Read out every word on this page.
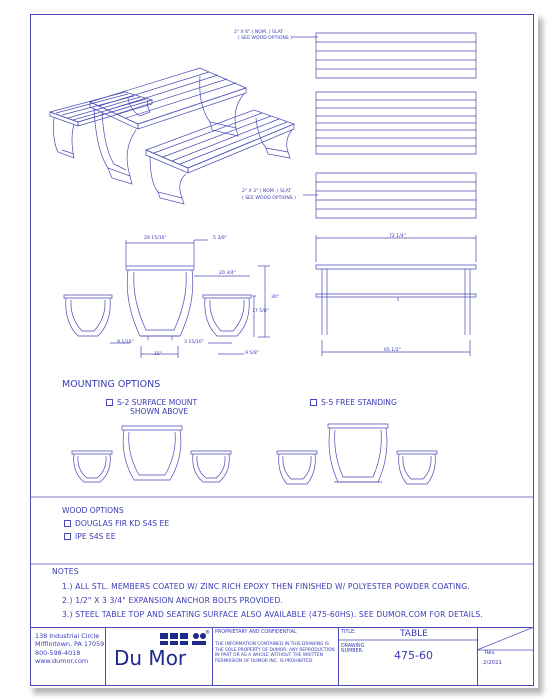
2" X 6" ( NOM. ) SLAT
( SEE WOOD OPTIONS )
2" X 3" ( NOM. ) SLAT
( SEE WOOD OPTIONS )
29 15/16"	5 3/8"
20 3/4"
30"
17 5/8"
9 1/16"
15"
3 15/16"
9 5/8"
72 1/4"
65 1/2"
MOUNTING OPTIONS
S-2 SURFACE MOUNT
SHOWN ABOVE
S-5 FREE STANDING
WOOD OPTIONS
DOUGLAS FIR KD S4S EE
IPE S4S EE
NOTES
1.) ALL STL. MEMBERS COATED W/ ZINC RICH EPOXY THEN FINISHED W/ POLYESTER POWDER COATING.
2.) 1/2" X 3 3/4" EXPANSION ANCHOR BOLTS PROVIDED.
3.) STEEL TABLE TOP AND SEATING SURFACE ALSO AVAILABLE (475-60HS). SEE DUMOR.COM FOR DETAILS.
138 Industrial Circle
Mifflintown, PA 17059
800-598-4018
www.dumor.com	Du Mor
® PROPRIETARY AND CONFIDENTIAL
THE INFORMATION CONTAINED IN THIS DRAWING IS THE SOLE PROPERTY OF DUMOR. ANY REPRODUCTION IN PART OR AS A WHOLE WITHOUT THE WRITTEN PERMISSION OF DUMOR INC. IS PROHIBITED.
TITLE:	TABLE
DRAWING NUMBER:	475-60	Rev.
2/2021
